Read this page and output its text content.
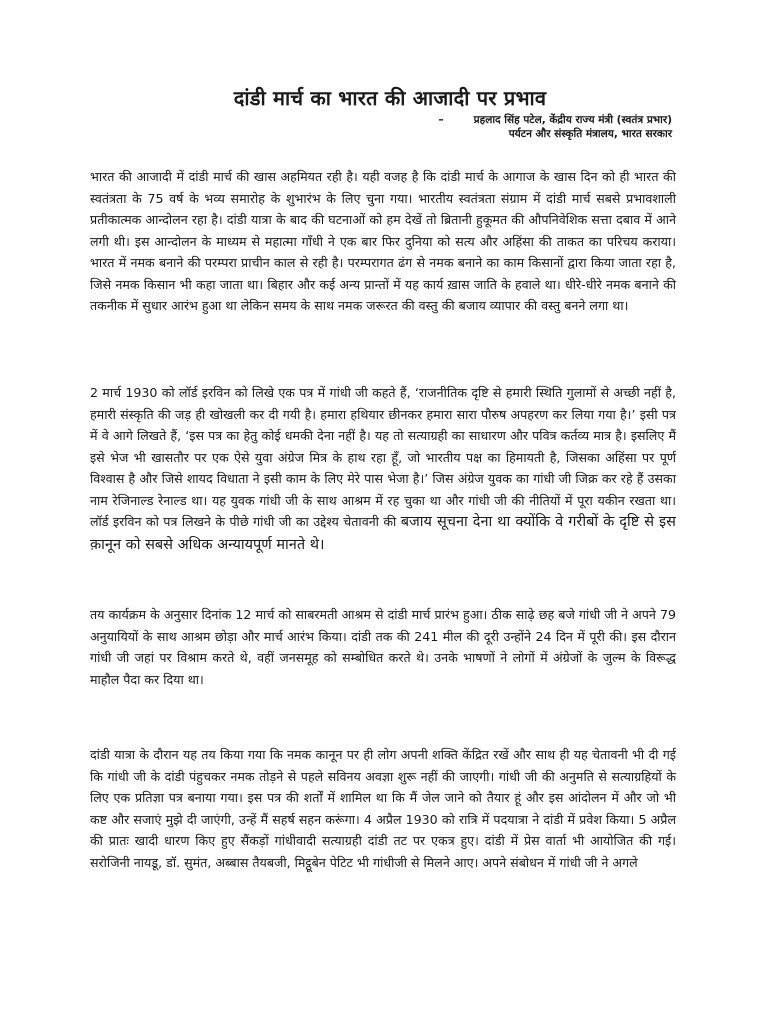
दांडी मार्च का भारत की आजादी पर प्रभाव

–	प्रहलाद सिंह पटेल, केंद्रीय राज्य मंत्री (स्वतंत्र प्रभार)

पर्यटन और संस्कृति मंत्रालय, भारत सरकार

भारत की आजादी में दांडी मार्च की खास अहमियत रही है। यही वजह है कि दांडी मार्च के आगाज के खास दिन को ही भारत की स्वतंत्रता के 75 वर्ष के भव्य समारोह के शुभारंभ के लिए चुना गया। भारतीय स्वतंत्रता संग्राम में दांडी मार्च सबसे प्रभावशाली प्रतीकात्मक आन्दोलन रहा है। दांडी यात्रा के बाद की घटनाओं को हम देखें तो ब्रितानी हुकूमत की औपनिवेशिक सत्ता दबाव में आने लगी थी। इस आन्दोलन के माध्यम से महात्मा गाँधी ने एक बार फिर दुनिया को सत्य और अहिंसा की ताकत का परिचय कराया। भारत में नमक बनाने की परम्परा प्राचीन काल से रही है। परम्परागत ढंग से नमक बनाने का काम किसानों द्वारा किया जाता रहा है, जिसे नमक किसान भी कहा जाता था। बिहार और कई अन्य प्रान्तों में यह कार्य ख़ास जाति के हवाले था। धीरे-धीरे नमक बनाने की तकनीक में सुधार आरंभ हुआ था लेकिन समय के साथ नमक जरूरत की वस्तु की बजाय व्यापार की वस्तु बनने लगा था।

2 मार्च 1930 को लॉर्ड इरविन को लिखे एक पत्र में गांधी जी कहते हैं, ‘राजनीतिक दृष्टि से हमारी स्थिति गुलामों से अच्छी नहीं है, हमारी संस्कृति की जड़ ही खोखली कर दी गयी है। हमारा हथियार छीनकर हमारा सारा पौरुष अपहरण कर लिया गया है।’ इसी पत्र में वे आगे लिखते हैं, ‘इस पत्र का हेतु कोई धमकी देना नहीं है। यह तो सत्याग्रही का साधारण और पवित्र कर्तव्य मात्र है। इसलिए मैं इसे भेज भी खासतौर पर एक ऐसे युवा अंग्रेज मित्र के हाथ रहा हूँ, जो भारतीय पक्ष का हिमायती है, जिसका अहिंसा पर पूर्ण विश्वास है और जिसे शायद विधाता ने इसी काम के लिए मेरे पास भेजा है।’ जिस अंग्रेज युवक का गांधी जी जिक्र कर रहे हैं उसका नाम रेजिनाल्ड रेनाल्ड था। यह युवक गांधी जी के साथ आश्रम में रह चुका था और गांधी जी की नीतियों में पूरा यकीन रखता था। लॉर्ड इरविन को पत्र लिखने के पीछे गांधी जी का उद्देश्य चेतावनी की बजाय सूचना देना था क्योंकि वे गरीबों के दृष्टि से इस क़ानून को सबसे अधिक अन्यायपूर्ण मानते थे।

तय कार्यक्रम के अनुसार दिनांक 12 मार्च को साबरमती आश्रम से दांडी मार्च प्रारंभ हुआ। ठीक साढ़े छह बजे गांधी जी ने अपने 79 अनुयायियों के साथ आश्रम छोड़ा और मार्च आरंभ किया। दांडी तक की 241 मील की दूरी उन्होंने 24 दिन में पूरी की। इस दौरान गांधी जी जहां पर विश्राम करते थे, वहीं जनसमूह को सम्बोधित करते थे। उनके भाषणों ने लोगों में अंग्रेजों के जुल्म के विरूद्ध माहौल पैदा कर दिया था।

दांडी यात्रा के दौरान यह तय किया गया कि नमक कानून पर ही लोग अपनी शक्ति केंद्रित रखें और साथ ही यह चेतावनी भी दी गई कि गांधी जी के दांडी पंहुचकर नमक तोड़ने से पहले सविनय अवज्ञा शुरू नहीं की जाएगी। गांधी जी की अनुमति से सत्याग्रहियों के लिए एक प्रतिज्ञा पत्र बनाया गया। इस पत्र की शर्तों में शामिल था कि मैं जेल जाने को तैयार हूं और इस आंदोलन में और जो भी कष्ट और सजाएं मुझे दी जाएंगी, उन्हें मैं सहर्ष सहन करूंगा। 4 अप्रैल 1930 को रात्रि में पदयात्रा ने दांडी में प्रवेश किया। 5 अप्रैल की प्रातः खादी धारण किए हुए सैंकड़ों गांधीवादी सत्याग्रही दांडी तट पर एकत्र हुए। दांडी में प्रेस वार्ता भी आयोजित की गई। सरोजिनी नायडू, डॉ. सुमंत, अब्बास तैयबजी, मिट्ठूबेन पेटिट भी गांधीजी से मिलने आए। अपने संबोधन में गांधी जी ने अगले
